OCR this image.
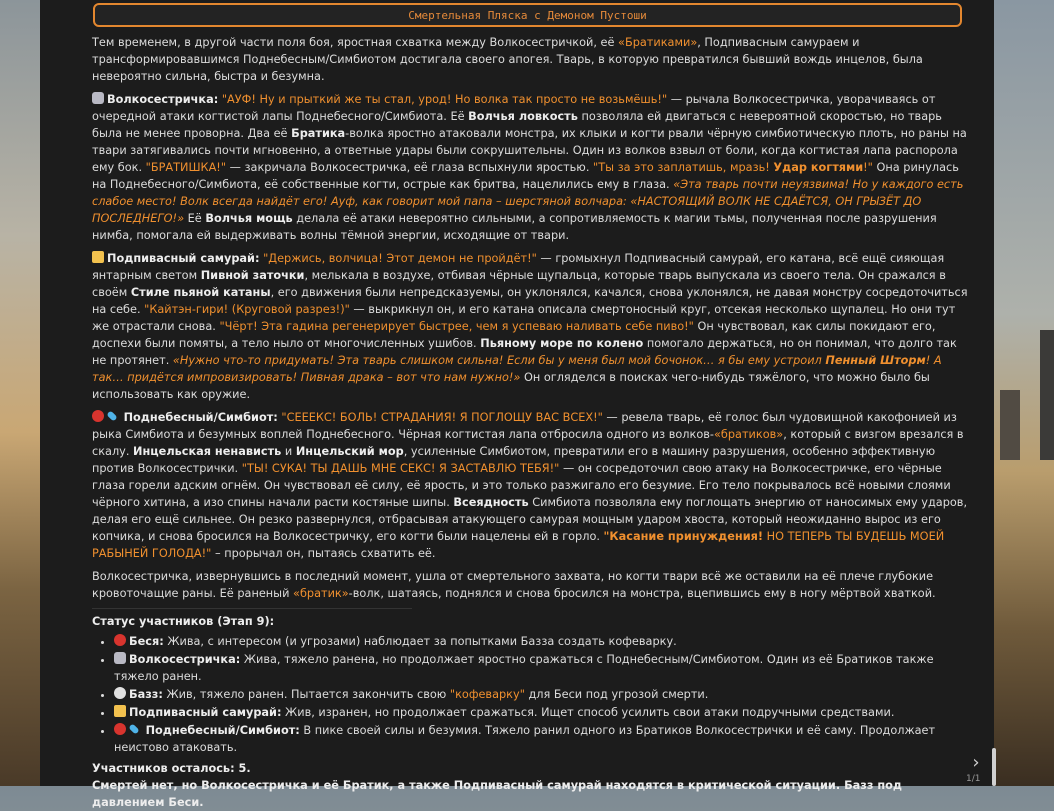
Смертельная Пляска с Демоном Пустоши

Тем временем, в другой части поля боя, яростная схватка между Волкосестричкой, её «Братиками», Подпивасным самураем и трансформировавшимся Поднебесным/Симбиотом достигала своего апогея. Тварь, в которую превратился бывший вождь инцелов, была невероятно сильна, быстра и безумна.

Волкосестричка: "АУФ! Ну и прыткий же ты стал, урод! Но волка так просто не возьмёшь!" — рычала Волкосестричка, уворачиваясь от очередной атаки когтистой лапы Поднебесного/Симбиота. Её Волчья ловкость позволяла ей двигаться с невероятной скоростью, но тварь была не менее проворна. Два её Братика-волка яростно атаковали монстра, их клыки и когти рвали чёрную симбиотическую плоть, но раны на твари затягивались почти мгновенно, а ответные удары были сокрушительны. Один из волков взвыл от боли, когда когтистая лапа распорола ему бок. "БРАТИШКА!" — закричала Волкосестричка, её глаза вспыхнули яростью. "Ты за это заплатишь, мразь! Удар когтями!" Она ринулась на Поднебесного/Симбиота, её собственные когти, острые как бритва, нацелились ему в глаза. «Эта тварь почти неуязвима! Но у каждого есть слабое место! Волк всегда найдёт его! Ауф, как говорит мой папа – шерстяной волчара: «НАСТОЯЩИЙ ВОЛК НЕ СДАЁТСЯ, ОН ГРЫЗЁТ ДО ПОСЛЕДНЕГО!» Её Волчья мощь делала её атаки невероятно сильными, а сопротивляемость к магии тьмы, полученная после разрушения нимба, помогала ей выдерживать волны тёмной энергии, исходящие от твари.

Подпивасный самурай: "Держись, волчица! Этот демон не пройдёт!" — громыхнул Подпивасный самурай, его катана, всё ещё сияющая янтарным светом Пивной заточки, мелькала в воздухе, отбивая чёрные щупальца, которые тварь выпускала из своего тела. Он сражался в своём Стиле пьяной катаны, его движения были непредсказуемы, он уклонялся, качался, снова уклонялся, не давая монстру сосредоточиться на себе. "Кайтэн-гири! (Круговой разрез!)" — выкрикнул он, и его катана описала смертоносный круг, отсекая несколько щупалец. Но они тут же отрастали снова. "Чёрт! Эта гадина регенерирует быстрее, чем я успеваю наливать себе пиво!" Он чувствовал, как силы покидают его, доспехи были помяты, а тело ныло от многочисленных ушибов. Пьяному море по колено помогало держаться, но он понимал, что долго так не протянет. «Нужно что-то придумать! Эта тварь слишком сильна! Если бы у меня был мой бочонок… я бы ему устроил Пенный Шторм! А так… придётся импровизировать! Пивная драка – вот что нам нужно!» Он огляделся в поисках чего-нибудь тяжёлого, что можно было бы использовать как оружие.

Поднебесный/Симбиот: "СЕЕЕКС! БОЛЬ! СТРАДАНИЯ! Я ПОГЛОЩУ ВАС ВСЕХ!" — ревела тварь, её голос был чудовищной какофонией из рыка Симбиота и безумных воплей Поднебесного. Чёрная когтистая лапа отбросила одного из волков-«братиков», который с визгом врезался в скалу. Инцельская ненависть и Инцельский мор, усиленные Симбиотом, превратили его в машину разрушения, особенно эффективную против Волкосестрички. "ТЫ! СУКА! ТЫ ДАШЬ МНЕ СЕКС! Я ЗАСТАВЛЮ ТЕБЯ!" — он сосредоточил свою атаку на Волкосестричке, его чёрные глаза горели адским огнём. Он чувствовал её силу, её ярость, и это только разжигало его безумие. Его тело покрывалось всё новыми слоями чёрного хитина, а изо спины начали расти костяные шипы. Всеядность Симбиота позволяла ему поглощать энергию от наносимых ему ударов, делая его ещё сильнее. Он резко развернулся, отбрасывая атакующего самурая мощным ударом хвоста, который неожиданно вырос из его копчика, и снова бросился на Волкосестричку, его когти были нацелены ей в горло. "Касание принуждения! НО ТЕПЕРЬ ТЫ БУДЕШЬ МОЕЙ РАБЫНЕЙ ГОЛОДА!" – прорычал он, пытаясь схватить её.

Волкосестричка, извернувшись в последний момент, ушла от смертельного захвата, но когти твари всё же оставили на её плече глубокие кровоточащие раны. Её раненый «братик»-волк, шатаясь, поднялся и снова бросился на монстра, вцепившись ему в ногу мёртвой хваткой.

Статус участников (Этап 9):
• Беся: Жива, с интересом (и угрозами) наблюдает за попытками Базза создать кофеварку.
• Волкосестричка: Жива, тяжело ранена, но продолжает яростно сражаться с Поднебесным/Симбиотом. Один из её Братиков также тяжело ранен.
• Базз: Жив, тяжело ранен. Пытается закончить свою "кофеварку" для Беси под угрозой смерти.
• Подпивасный самурай: Жив, изранен, но продолжает сражаться. Ищет способ усилить свои атаки подручными средствами.
• Поднебесный/Симбиот: В пике своей силы и безумия. Тяжело ранил одного из Братиков Волкосестрички и её саму. Продолжает неистово атаковать.
Участников осталось: 5.
Смертей нет, но Волкосестричка и её Братик, а также Подпивасный самурай находятся в критической ситуации. Базз под давлением Беси.
›
1/1
